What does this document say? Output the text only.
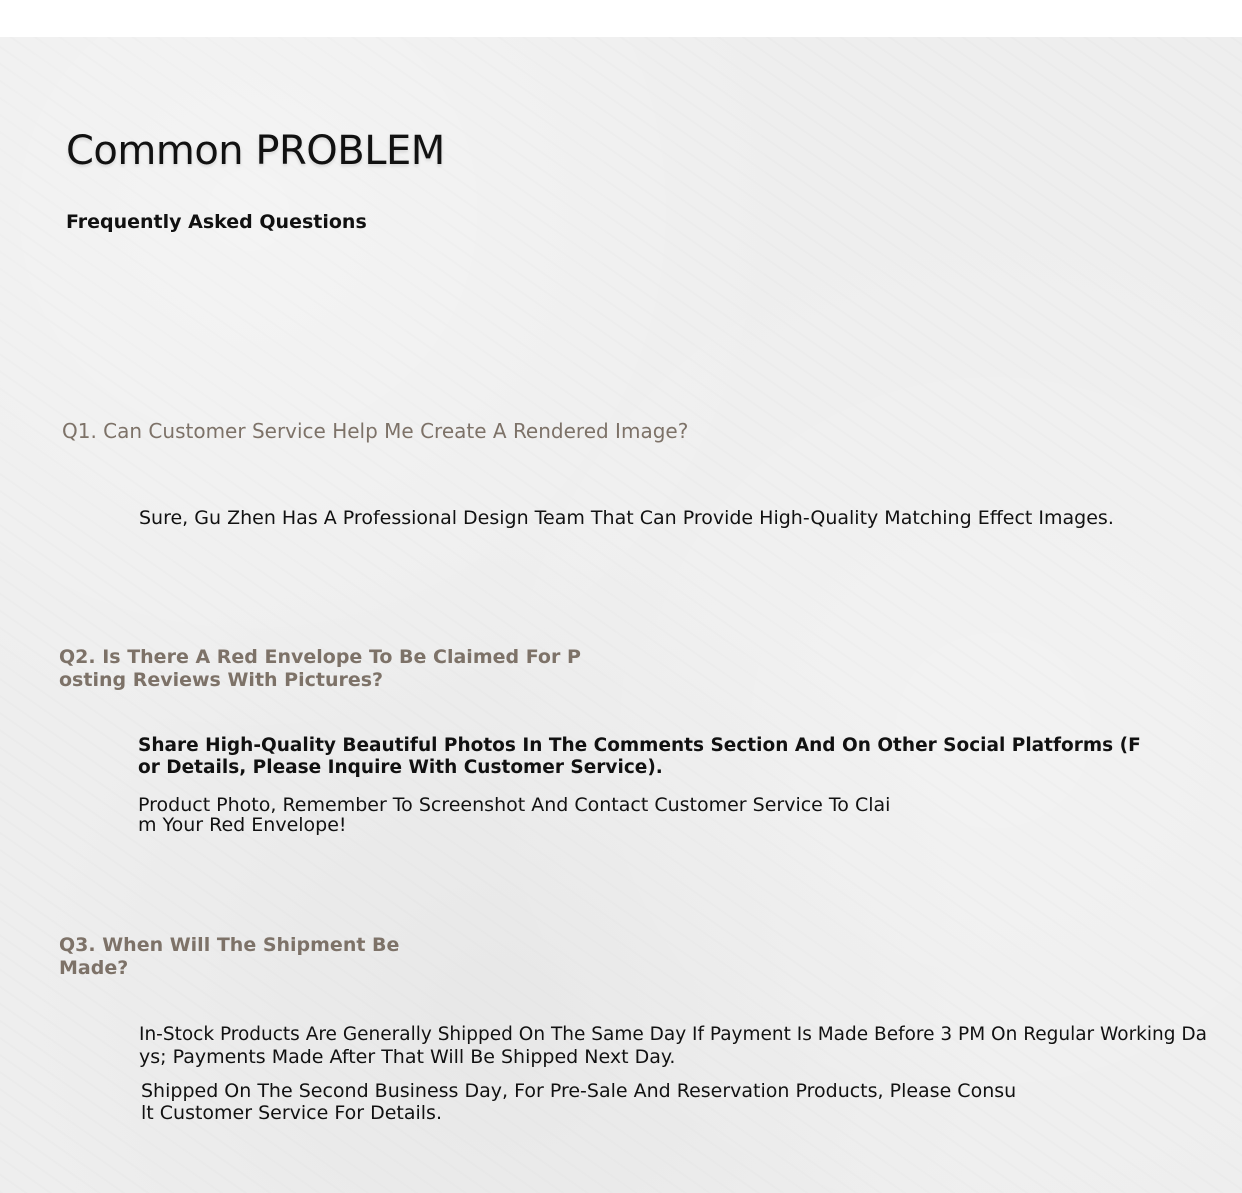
Common PROBLEM
Frequently Asked Questions
Q1. Can Customer Service Help Me Create A Rendered Image?
Sure, Gu Zhen Has A Professional Design Team That Can Provide High-Quality Matching Effect Images.
Q2. Is There A Red Envelope To Be Claimed For P
osting Reviews With Pictures?
Share High-Quality Beautiful Photos In The Comments Section And On Other Social Platforms (F
or Details, Please Inquire With Customer Service).
Product Photo, Remember To Screenshot And Contact Customer Service To Clai
m Your Red Envelope!
Q3. When Will The Shipment Be
Made?
In-Stock Products Are Generally Shipped On The Same Day If Payment Is Made Before 3 PM On Regular Working Da
ys; Payments Made After That Will Be Shipped Next Day.
Shipped On The Second Business Day, For Pre-Sale And Reservation Products, Please Consu
lt Customer Service For Details.
